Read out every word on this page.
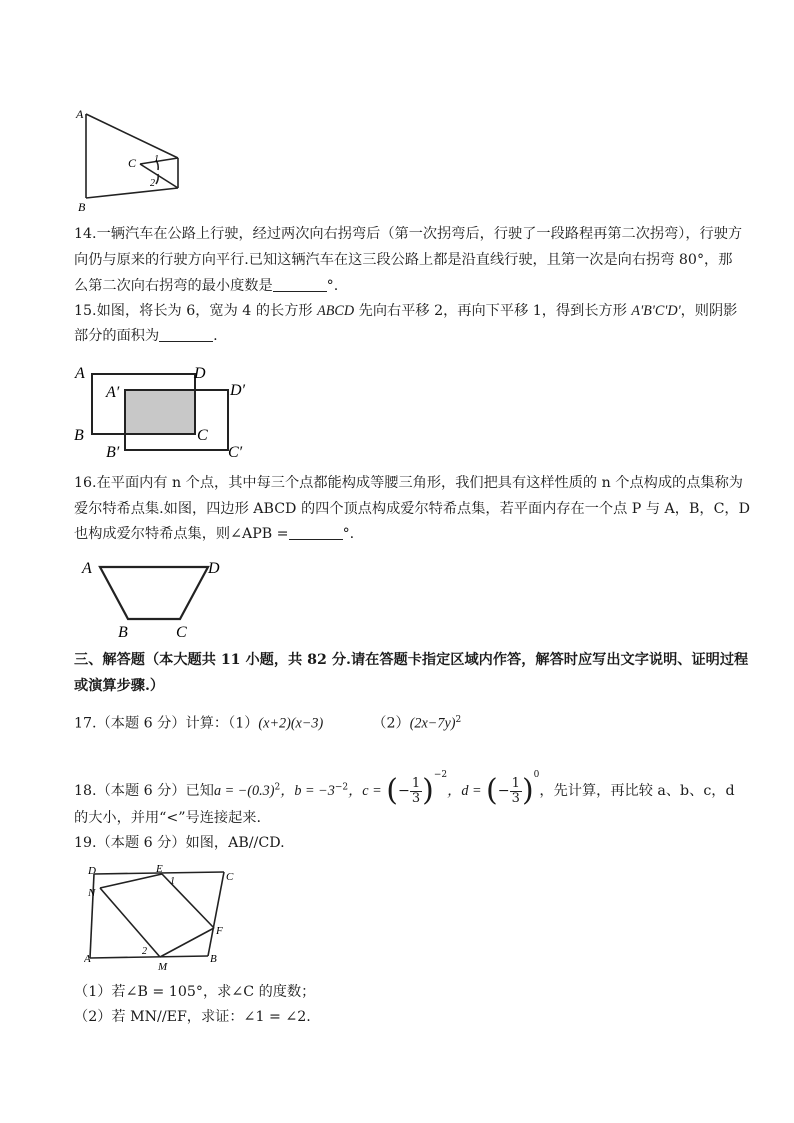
A
B
C 1
2
14.一辆汽车在公路上行驶，经过两次向右拐弯后（第一次拐弯后，行驶了一段路程再第二次拐弯），行驶方
向仍与原来的行驶方向平行.已知这辆汽车在这三段公路上都是沿直线行驶，且第一次是向右拐弯 80°，那
么第二次向右拐弯的最小度数是	°.
15.如图，将长为 6，宽为 4 的长方形 ABCD 先向右平移 2，再向下平移 1，得到长方形 A'B'C'D'，则阴影
部分的面积为	.
A
A′
D
D′
B
B′
C
C′
16.在平面内有 n 个点，其中每三个点都能构成等腰三角形，我们把具有这样性质的 n 个点构成的点集称为
爱尔特希点集.如图，四边形 ABCD 的四个顶点构成爱尔特希点集，若平面内存在一个点 P 与 A，B，C，D
也构成爱尔特希点集，则∠APB =	°.
A	D
B	C
三、解答题（本大题共 11 小题，共 82 分.请在答题卡指定区域内作答，解答时应写出文字说明、证明过程
或演算步骤.）
17.（本题 6 分）计算：（1）(x+2)(x−3)	$(2)(2x-7y)^2$
18.（本题 6 分）已知$a = -(0.3)^2$，$b = -3^{-2}$，c = (− $\frac{1}{3} )^{-2}$，d = (− $\frac{1}{3} )^0$，先计算，再比较 a、b、c，d
的大小，并用“<”号连接起来.
19.（本题 6 分）如图，AB//CD.
D	E
1	C
N
F
2
A
M
B
（1）若∠B = 105°，求∠C 的度数；
（2）若 MN//EF，求证：∠1 = ∠2.
